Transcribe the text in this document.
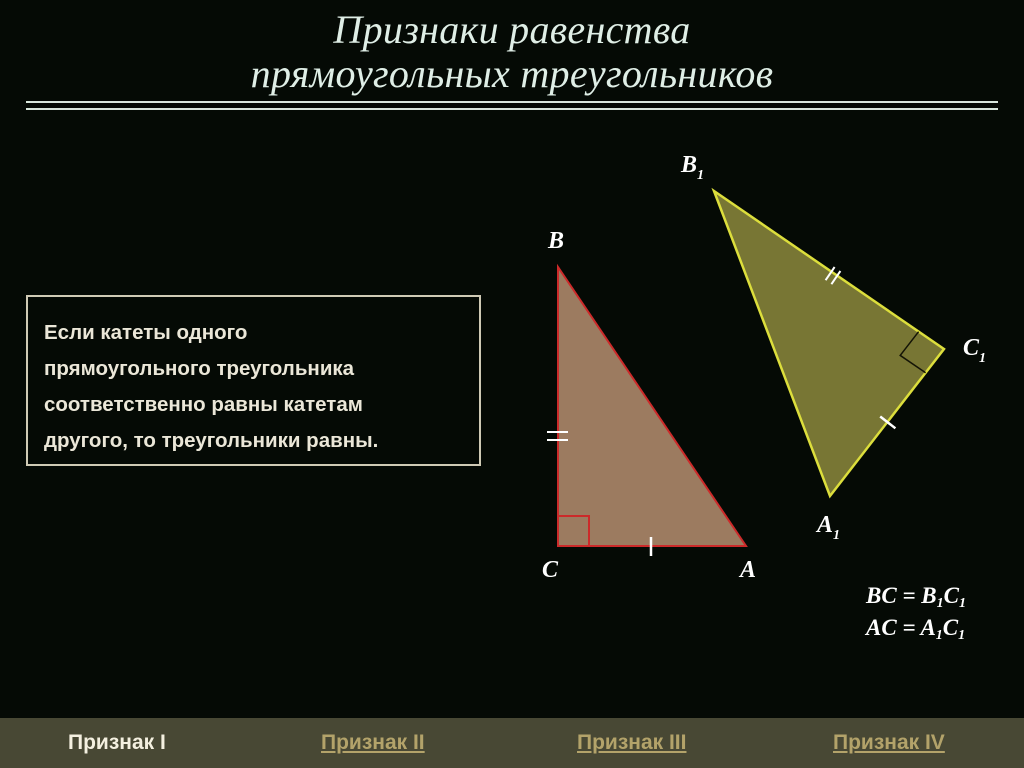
Признаки равенства
прямоугольных треугольников
Если катеты одного
прямоугольного треугольника
соответственно равны катетам
другого, то треугольники равны.
B
C	A
$B_1$
$C_1$
$A_1$
BC = $B_1C_1$
AC = $A_1C_1$
Признак I	Признак II	Признак III	Признак IV
